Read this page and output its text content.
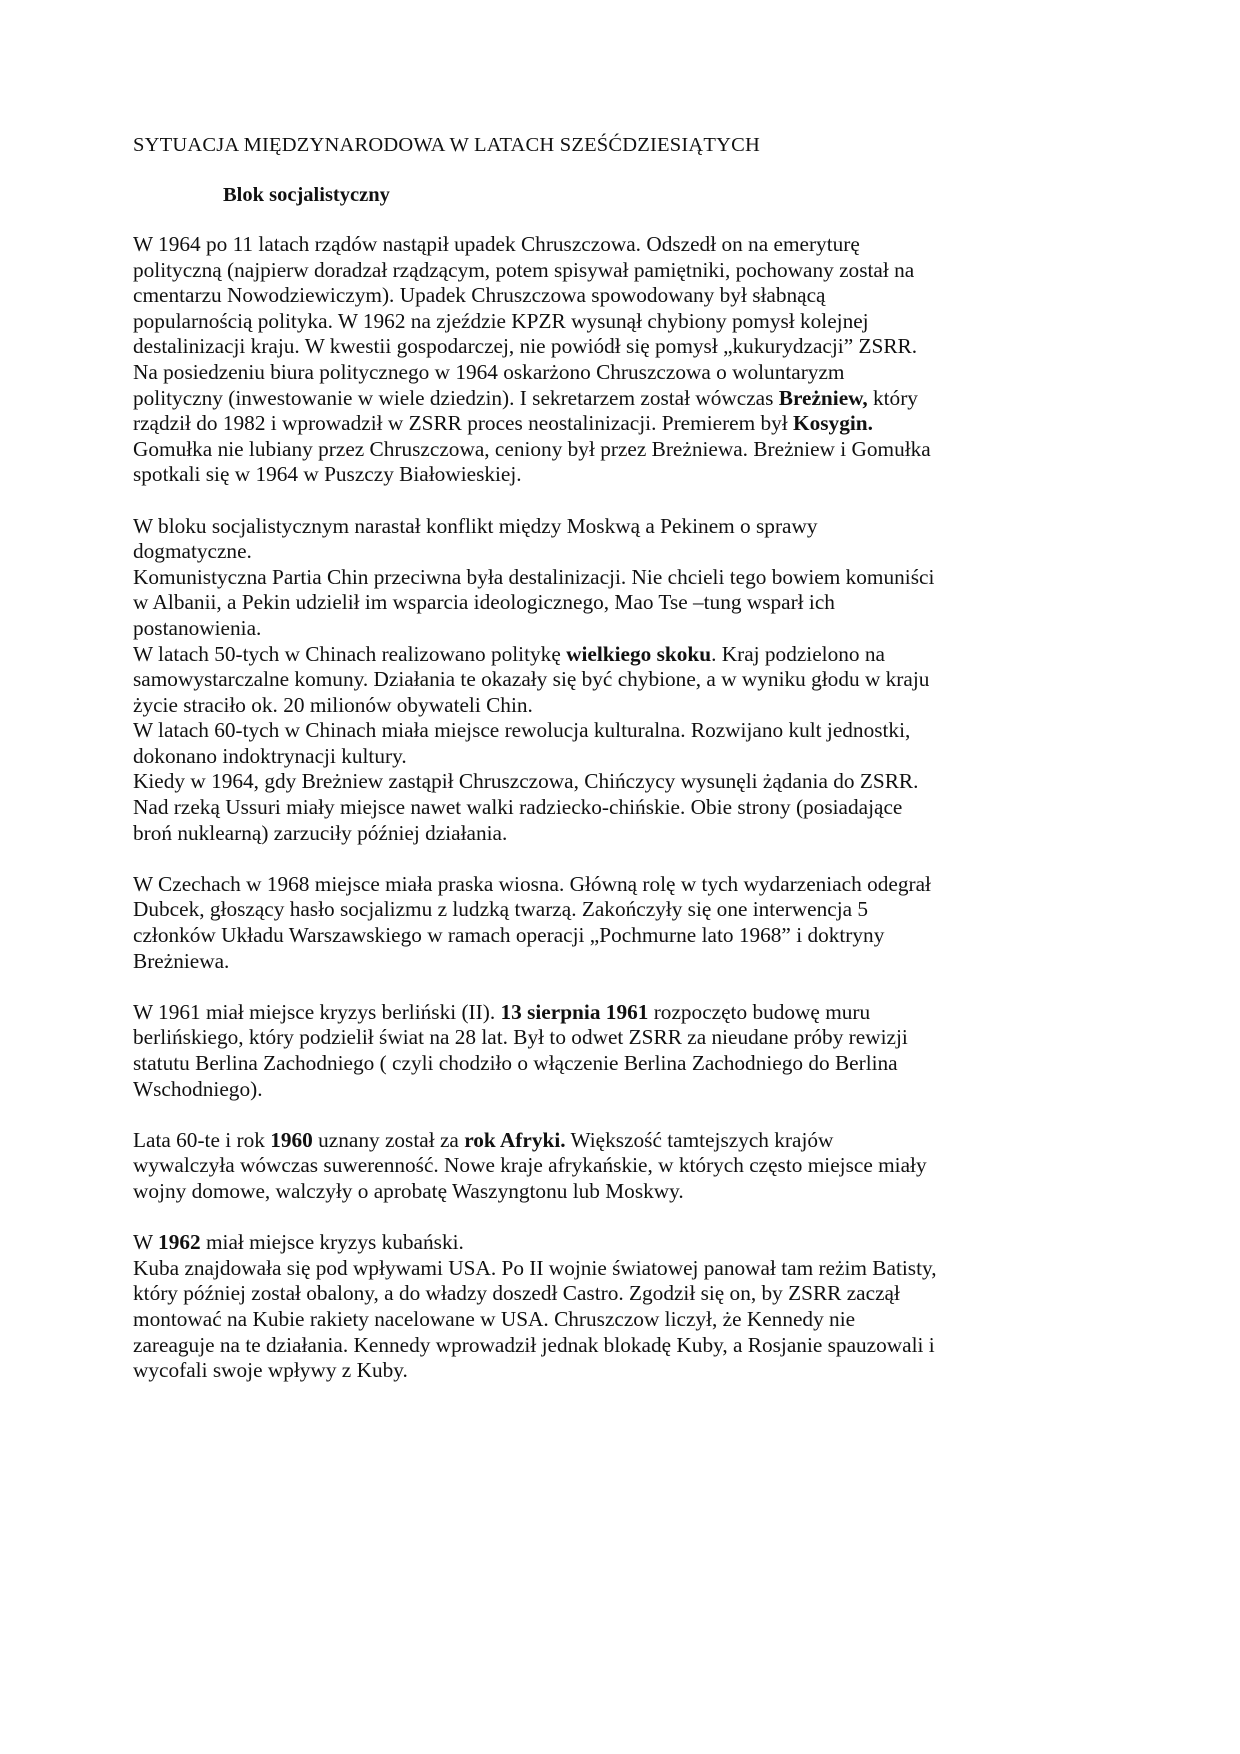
SYTUACJA MIĘDZYNARODOWA W LATACH SZEŚĆDZIESIĄTYCH
Blok socjalistyczny
W 1964 po 11 latach rządów nastąpił upadek Chruszczowa. Odszedł on na emeryturę
polityczną (najpierw doradzał rządzącym, potem spisywał pamiętniki, pochowany został na
cmentarzu Nowodziewiczym). Upadek Chruszczowa spowodowany był słabnącą
popularnością polityka. W 1962 na zjeździe KPZR wysunął chybiony pomysł kolejnej
destalinizacji kraju. W kwestii gospodarczej, nie powiódł się pomysł „kukurydzacji” ZSRR.
Na posiedzeniu biura politycznego w 1964 oskarżono Chruszczowa o woluntaryzm
polityczny (inwestowanie w wiele dziedzin). I sekretarzem został wówczas Breżniew, który
rządził do 1982 i wprowadził w ZSRR proces neostalinizacji. Premierem był Kosygin.
Gomułka nie lubiany przez Chruszczowa, ceniony był przez Breżniewa. Breżniew i Gomułka
spotkali się w 1964 w Puszczy Białowieskiej.
W bloku socjalistycznym narastał konflikt między Moskwą a Pekinem o sprawy
dogmatyczne.
Komunistyczna Partia Chin przeciwna była destalinizacji. Nie chcieli tego bowiem komuniści
w Albanii, a Pekin udzielił im wsparcia ideologicznego, Mao Tse –tung wsparł ich
postanowienia.
W latach 50-tych w Chinach realizowano politykę wielkiego skoku. Kraj podzielono na
samowystarczalne komuny. Działania te okazały się być chybione, a w wyniku głodu w kraju
życie straciło ok. 20 milionów obywateli Chin.
W latach 60-tych w Chinach miała miejsce rewolucja kulturalna. Rozwijano kult jednostki,
dokonano indoktrynacji kultury.
Kiedy w 1964, gdy Breżniew zastąpił Chruszczowa, Chińczycy wysunęli żądania do ZSRR.
Nad rzeką Ussuri miały miejsce nawet walki radziecko-chińskie. Obie strony (posiadające
broń nuklearną) zarzuciły później działania.
W Czechach w 1968 miejsce miała praska wiosna. Główną rolę w tych wydarzeniach odegrał
Dubcek, głoszący hasło socjalizmu z ludzką twarzą. Zakończyły się one interwencja 5
członków Układu Warszawskiego w ramach operacji „Pochmurne lato 1968” i doktryny
Breżniewa.
W 1961 miał miejsce kryzys berliński (II). 13 sierpnia 1961 rozpoczęto budowę muru
berlińskiego, który podzielił świat na 28 lat. Był to odwet ZSRR za nieudane próby rewizji
statutu Berlina Zachodniego ( czyli chodziło o włączenie Berlina Zachodniego do Berlina
Wschodniego).
Lata 60-te i rok 1960 uznany został za rok Afryki. Większość tamtejszych krajów
wywalczyła wówczas suwerenność. Nowe kraje afrykańskie, w których często miejsce miały
wojny domowe, walczyły o aprobatę Waszyngtonu lub Moskwy.
W 1962 miał miejsce kryzys kubański.
Kuba znajdowała się pod wpływami USA. Po II wojnie światowej panował tam reżim Batisty,
który później został obalony, a do władzy doszedł Castro. Zgodził się on, by ZSRR zaczął
montować na Kubie rakiety nacelowane w USA. Chruszczow liczył, że Kennedy nie
zareaguje na te działania. Kennedy wprowadził jednak blokadę Kuby, a Rosjanie spauzowali i
wycofali swoje wpływy z Kuby.
